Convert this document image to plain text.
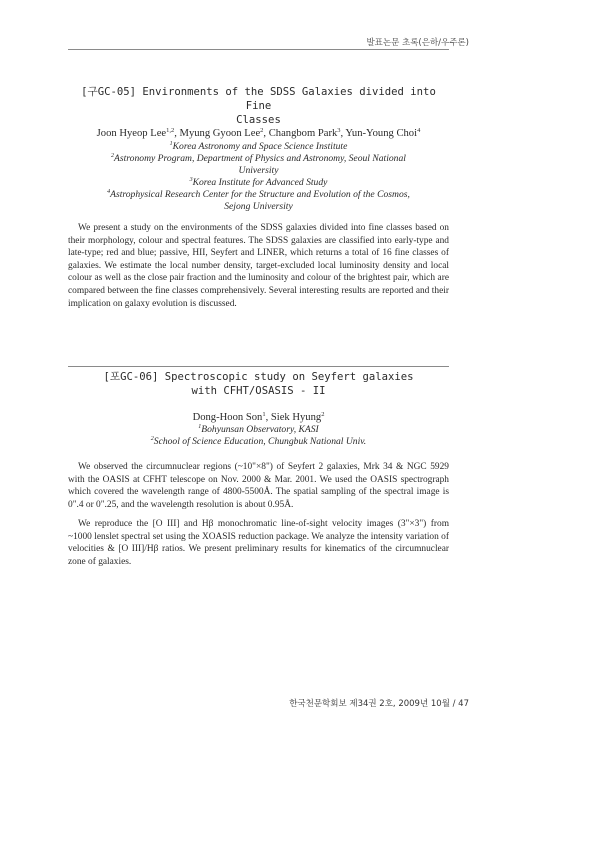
발표논문 초록(은하/우주론)
[구GC-05] Environments of the SDSS Galaxies divided into Fine
Classes
Joon Hyeop Lee$^{1,2}$, Myung Gyoon Lee$^2$, Changbom Park$^3$, Yun-Young Choi$^4$
$^1$Korea Astronomy and Space Science Institute
$^2$Astronomy Program, Department of Physics and Astronomy, Seoul National
University
$^3$Korea Institute for Advanced Study
$^4$Astrophysical Research Center for the Structure and Evolution of the Cosmos,
Sejong University

We present a study on the environments of the SDSS galaxies divided into fine classes based on their morphology, colour and spectral features. The SDSS galaxies are classified into early-type and late-type; red and blue; passive, HII, Seyfert and LINER, which returns a total of 16 fine classes of galaxies. We estimate the local number density, target-excluded local luminosity density and local colour as well as the close pair fraction and the luminosity and colour of the brightest pair, which are compared between the fine classes comprehensively. Several interesting results are reported and their implication on galaxy evolution is discussed.

[포GC-06] Spectroscopic study on Seyfert galaxies
with CFHT/OSASIS - II
Dong-Hoon Son$^1$, Siek Hyung$^2$
$^1$Bohyunsan Observatory, KASI
$^2$School of Science Education, Chungbuk National Univ.

We observed the circumnuclear regions (~10"×8") of Seyfert 2 galaxies, Mrk 34 & NGC 5929 with the OASIS at CFHT telescope on Nov. 2000 & Mar. 2001. We used the OASIS spectrograph which covered the wavelength range of 4800-5500Å. The spatial sampling of the spectral image is 0".4 or 0".25, and the wavelength resolution is about 0.95Å.

We reproduce the [O III] and Hβ monochromatic line-of-sight velocity images (3"×3") from ~1000 lenslet spectral set using the XOASIS reduction package. We analyze the intensity variation of velocities & [O III]/Hβ ratios. We present preliminary results for kinematics of the circumnuclear zone of galaxies.

한국천문학회보 제34권 2호, 2009년 10월 / 47
